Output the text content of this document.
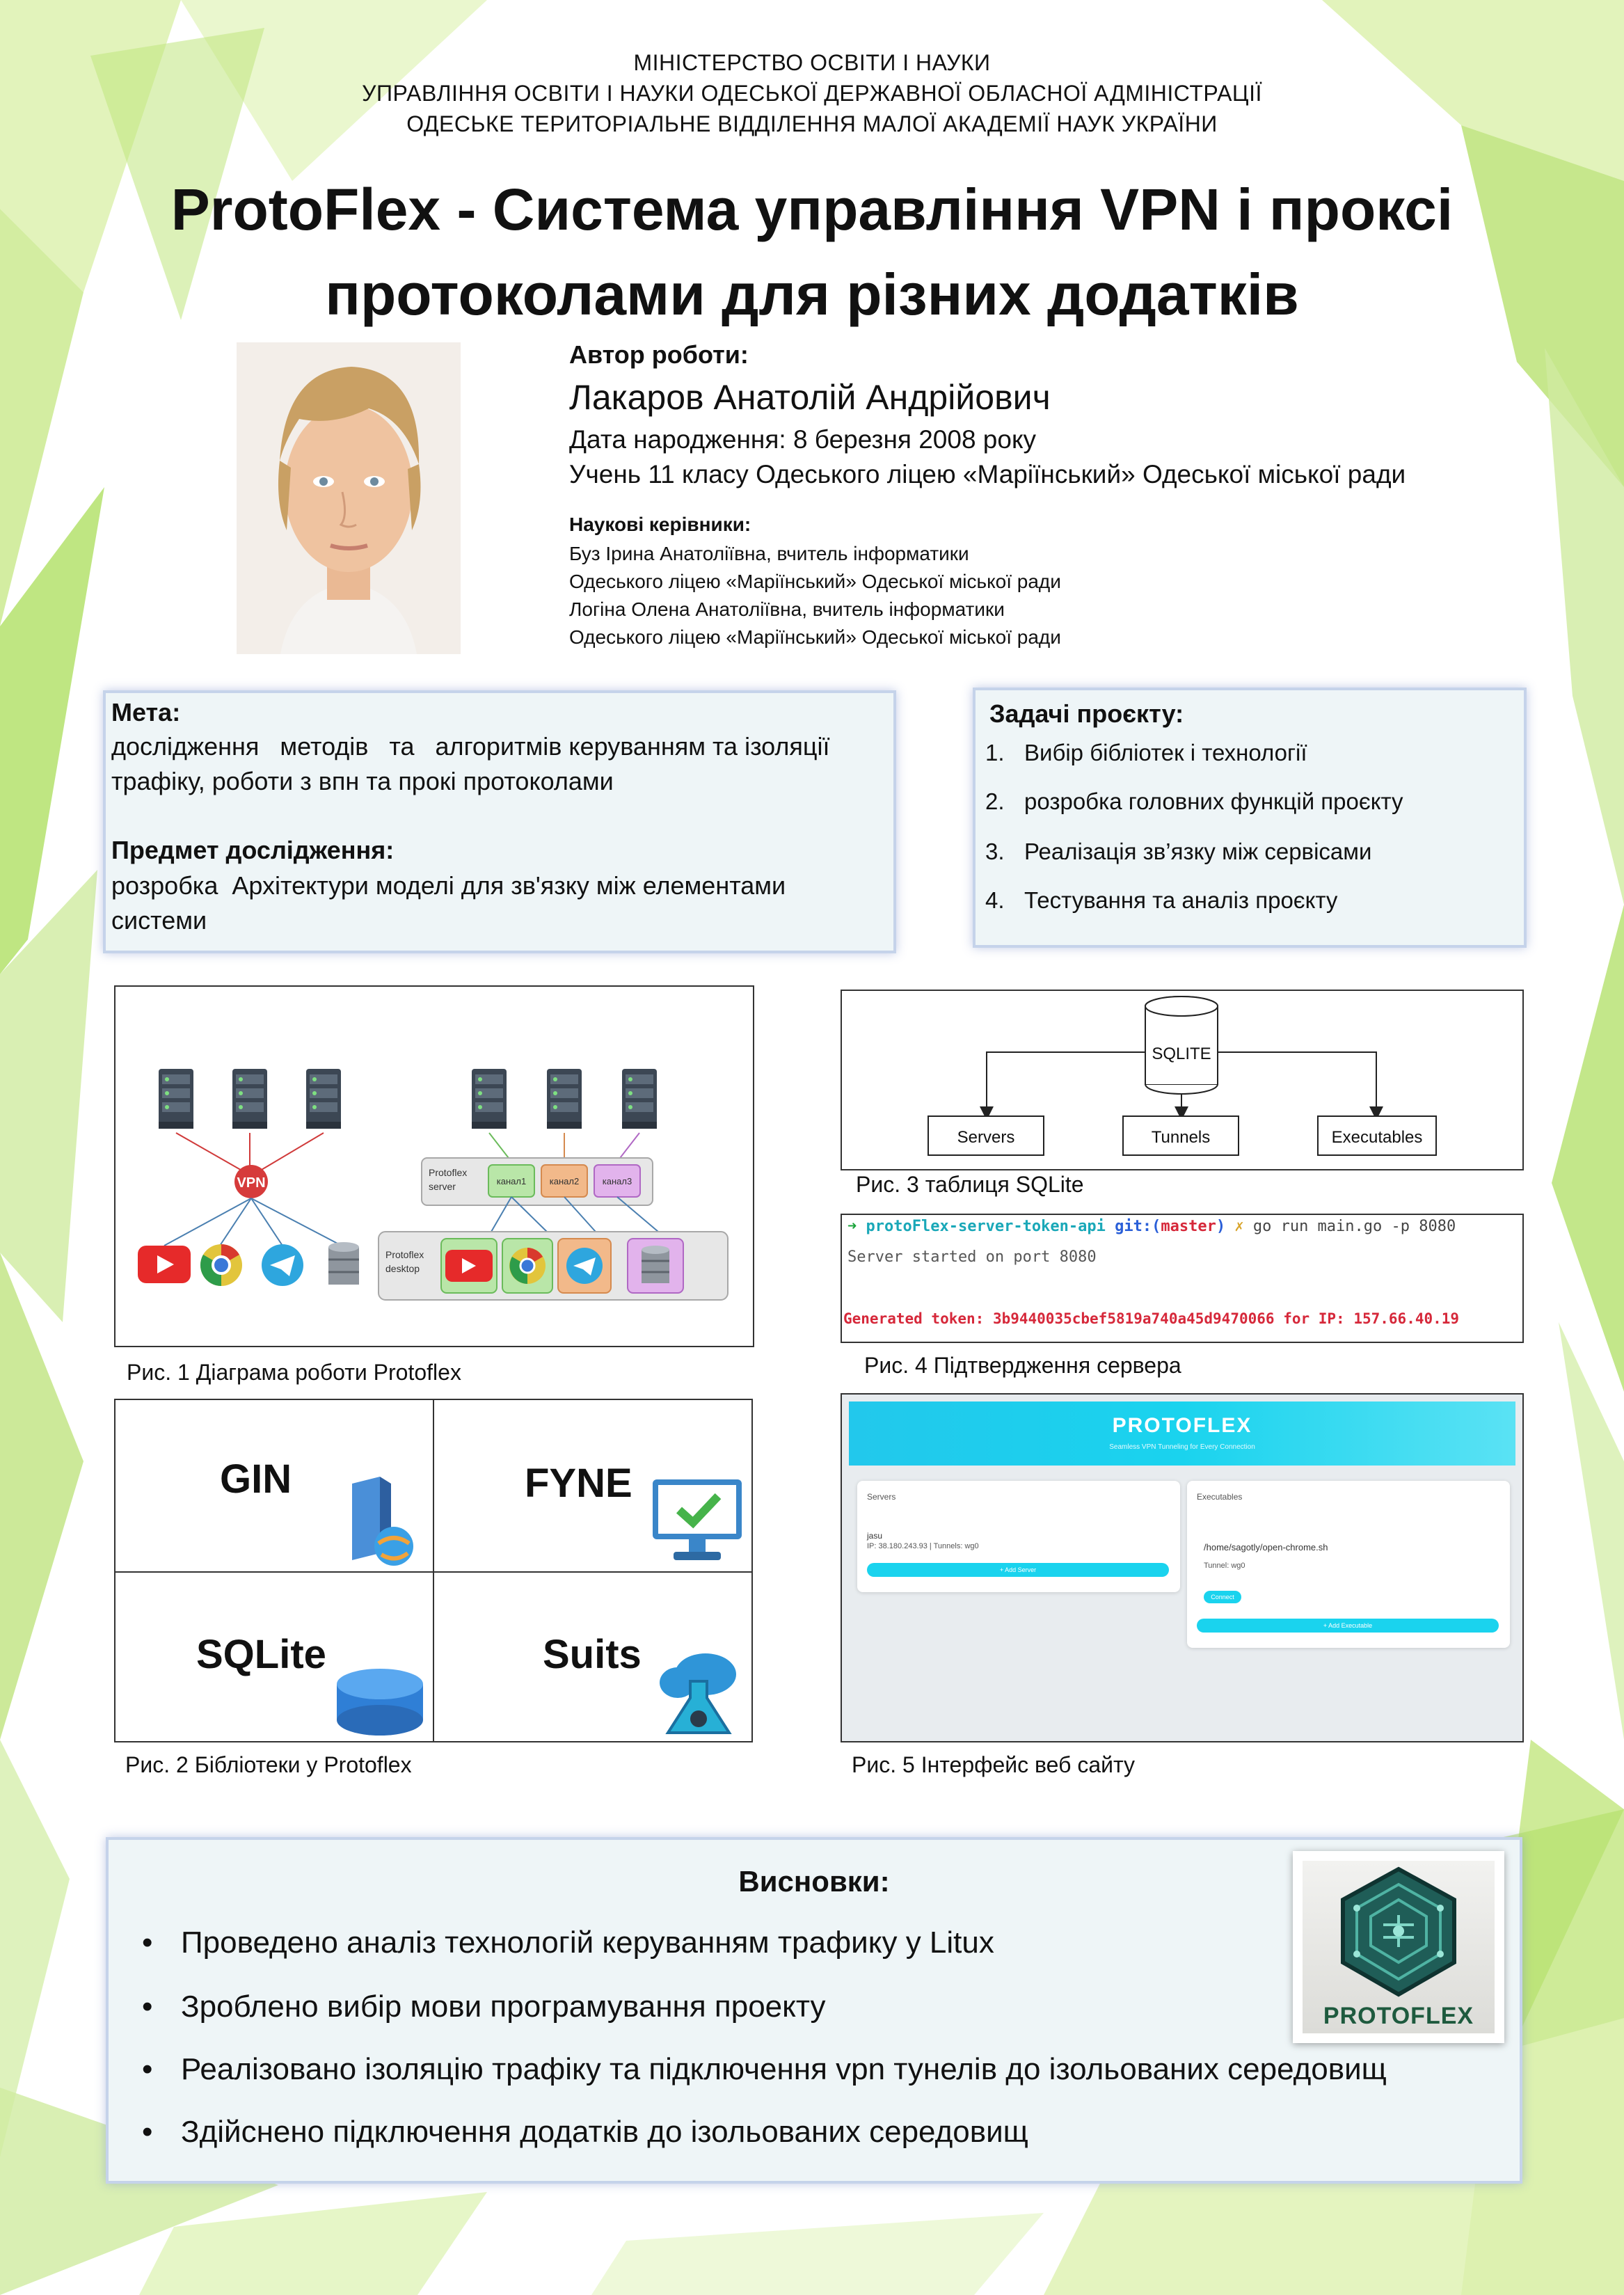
МІНІСТЕРСТВО ОСВІТИ І НАУКИ
УПРАВЛІННЯ ОСВІТИ І НАУКИ ОДЕСЬКОЇ ДЕРЖАВНОЇ ОБЛАСНОЇ АДМІНІСТРАЦІЇ
ОДЕСЬКЕ ТЕРИТОРІАЛЬНЕ ВІДДІЛЕННЯ МАЛОЇ АКАДЕМІЇ НАУК УКРАЇНИ
ProtoFlex - Система управління VPN і проксі
протоколами для різних додатків
Автор роботи:
Лакаров Анатолій Андрійович
Дата народження: 8 березня 2008 року
Учень 11 класу Одеського ліцею «Маріїнський» Одеської міської ради
Наукові керівники:
Буз Ірина Анатоліївна, вчитель інформатики
Одеського ліцею «Маріїнський» Одеської міської ради
Логіна Олена Анатоліївна, вчитель інформатики
Одеського ліцею «Маріїнський» Одеської міської ради
Мета:
дослідження   методів   та   алгоритмів керуванням та ізоляції
трафіку, роботи з впн та прокі протоколами
Предмет дослідження:
розробка  Архітектури моделі для зв'язку між елементами
системи
Задачі проєкту:
1. Вибір бібліотек і технології
2. розробка головних функцій проєкту
3. Реалізація зв’язку між сервісами
4. Тестування та аналіз проєкту
VPN
Protoflex
server	канал1	канал2	канал3
Protoflex
desktop
Рис. 1 Діаграма роботи Protoflex
GIN	FYNE
SQLite	Suits
Рис. 2 Бібліотеки у Protoflex
SQLITE
Servers	Tunnels	Executables
Рис. 3 таблиця SQLite
➜ protoFlex-server-token-api git:(master) ✗ go run main.go -p 8080
Server started on port 8080
Generated token: 3b9440035cbef5819a740a45d9470066 for IP: 157.66.40.19
Рис. 4 Підтвердження сервера
PROTOFLEX
Seamless VPN Tunneling for Every Connection
Servers
jasu
IP: 38.180.243.93 | Tunnels: wg0
+ Add Server
Executables
/home/sagotly/open-chrome.sh
Tunnel: wg0
Connect
+ Add Executable
Рис. 5 Інтерфейс веб сайту
Висновки:
• Проведено аналіз технологій керуванням трафику у Litux
• Зроблено вибір мови програмування проекту
• Реалізовано ізоляцію трафіку та підключення vpn тунелів до ізольованих середовищ
• Здійснено підключення додатків до ізольованих середовищ
PROTOFLEX
